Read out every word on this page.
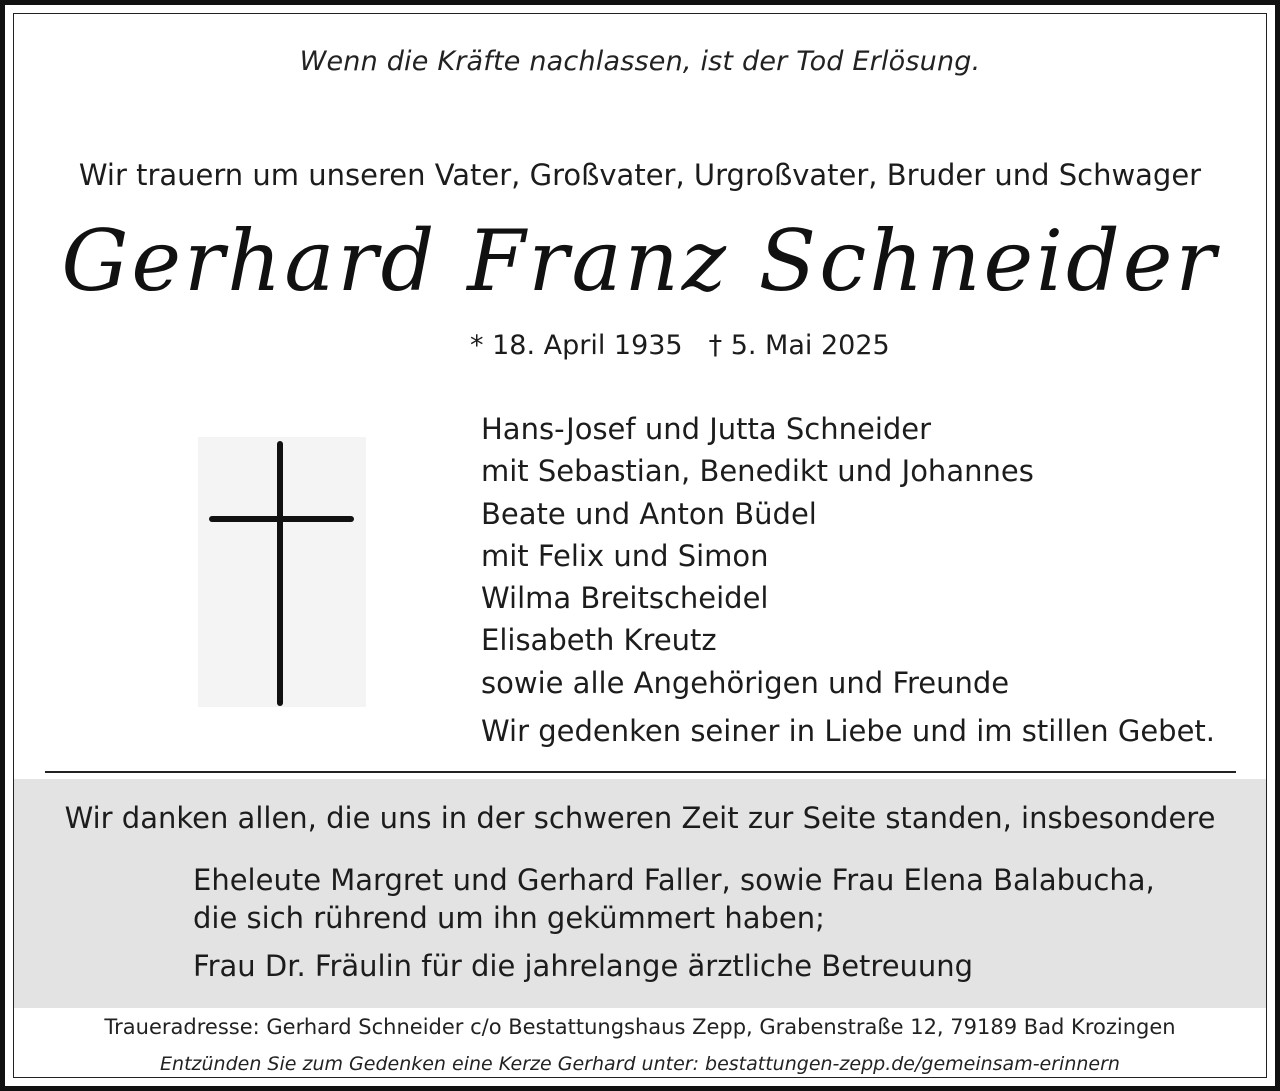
Wenn die Kräfte nachlassen, ist der Tod Erlösung.
Wir trauern um unseren Vater, Großvater, Urgroßvater, Bruder und Schwager
Gerhard Franz Schneider
* 18. April 1935 † 5. Mai 2025
Hans-Josef und Jutta Schneider
mit Sebastian, Benedikt und Johannes
Beate und Anton Büdel
mit Felix und Simon
Wilma Breitscheidel
Elisabeth Kreutz
sowie alle Angehörigen und Freunde
Wir gedenken seiner in Liebe und im stillen Gebet.
Wir danken allen, die uns in der schweren Zeit zur Seite standen, insbesondere
Eheleute Margret und Gerhard Faller, sowie Frau Elena Balabucha,
die sich rührend um ihn gekümmert haben;
Frau Dr. Fräulin für die jahrelange ärztliche Betreuung
Traueradresse: Gerhard Schneider c/o Bestattungshaus Zepp, Grabenstraße 12, 79189 Bad Krozingen
Entzünden Sie zum Gedenken eine Kerze Gerhard unter: bestattungen-zepp.de/gemeinsam-erinnern
